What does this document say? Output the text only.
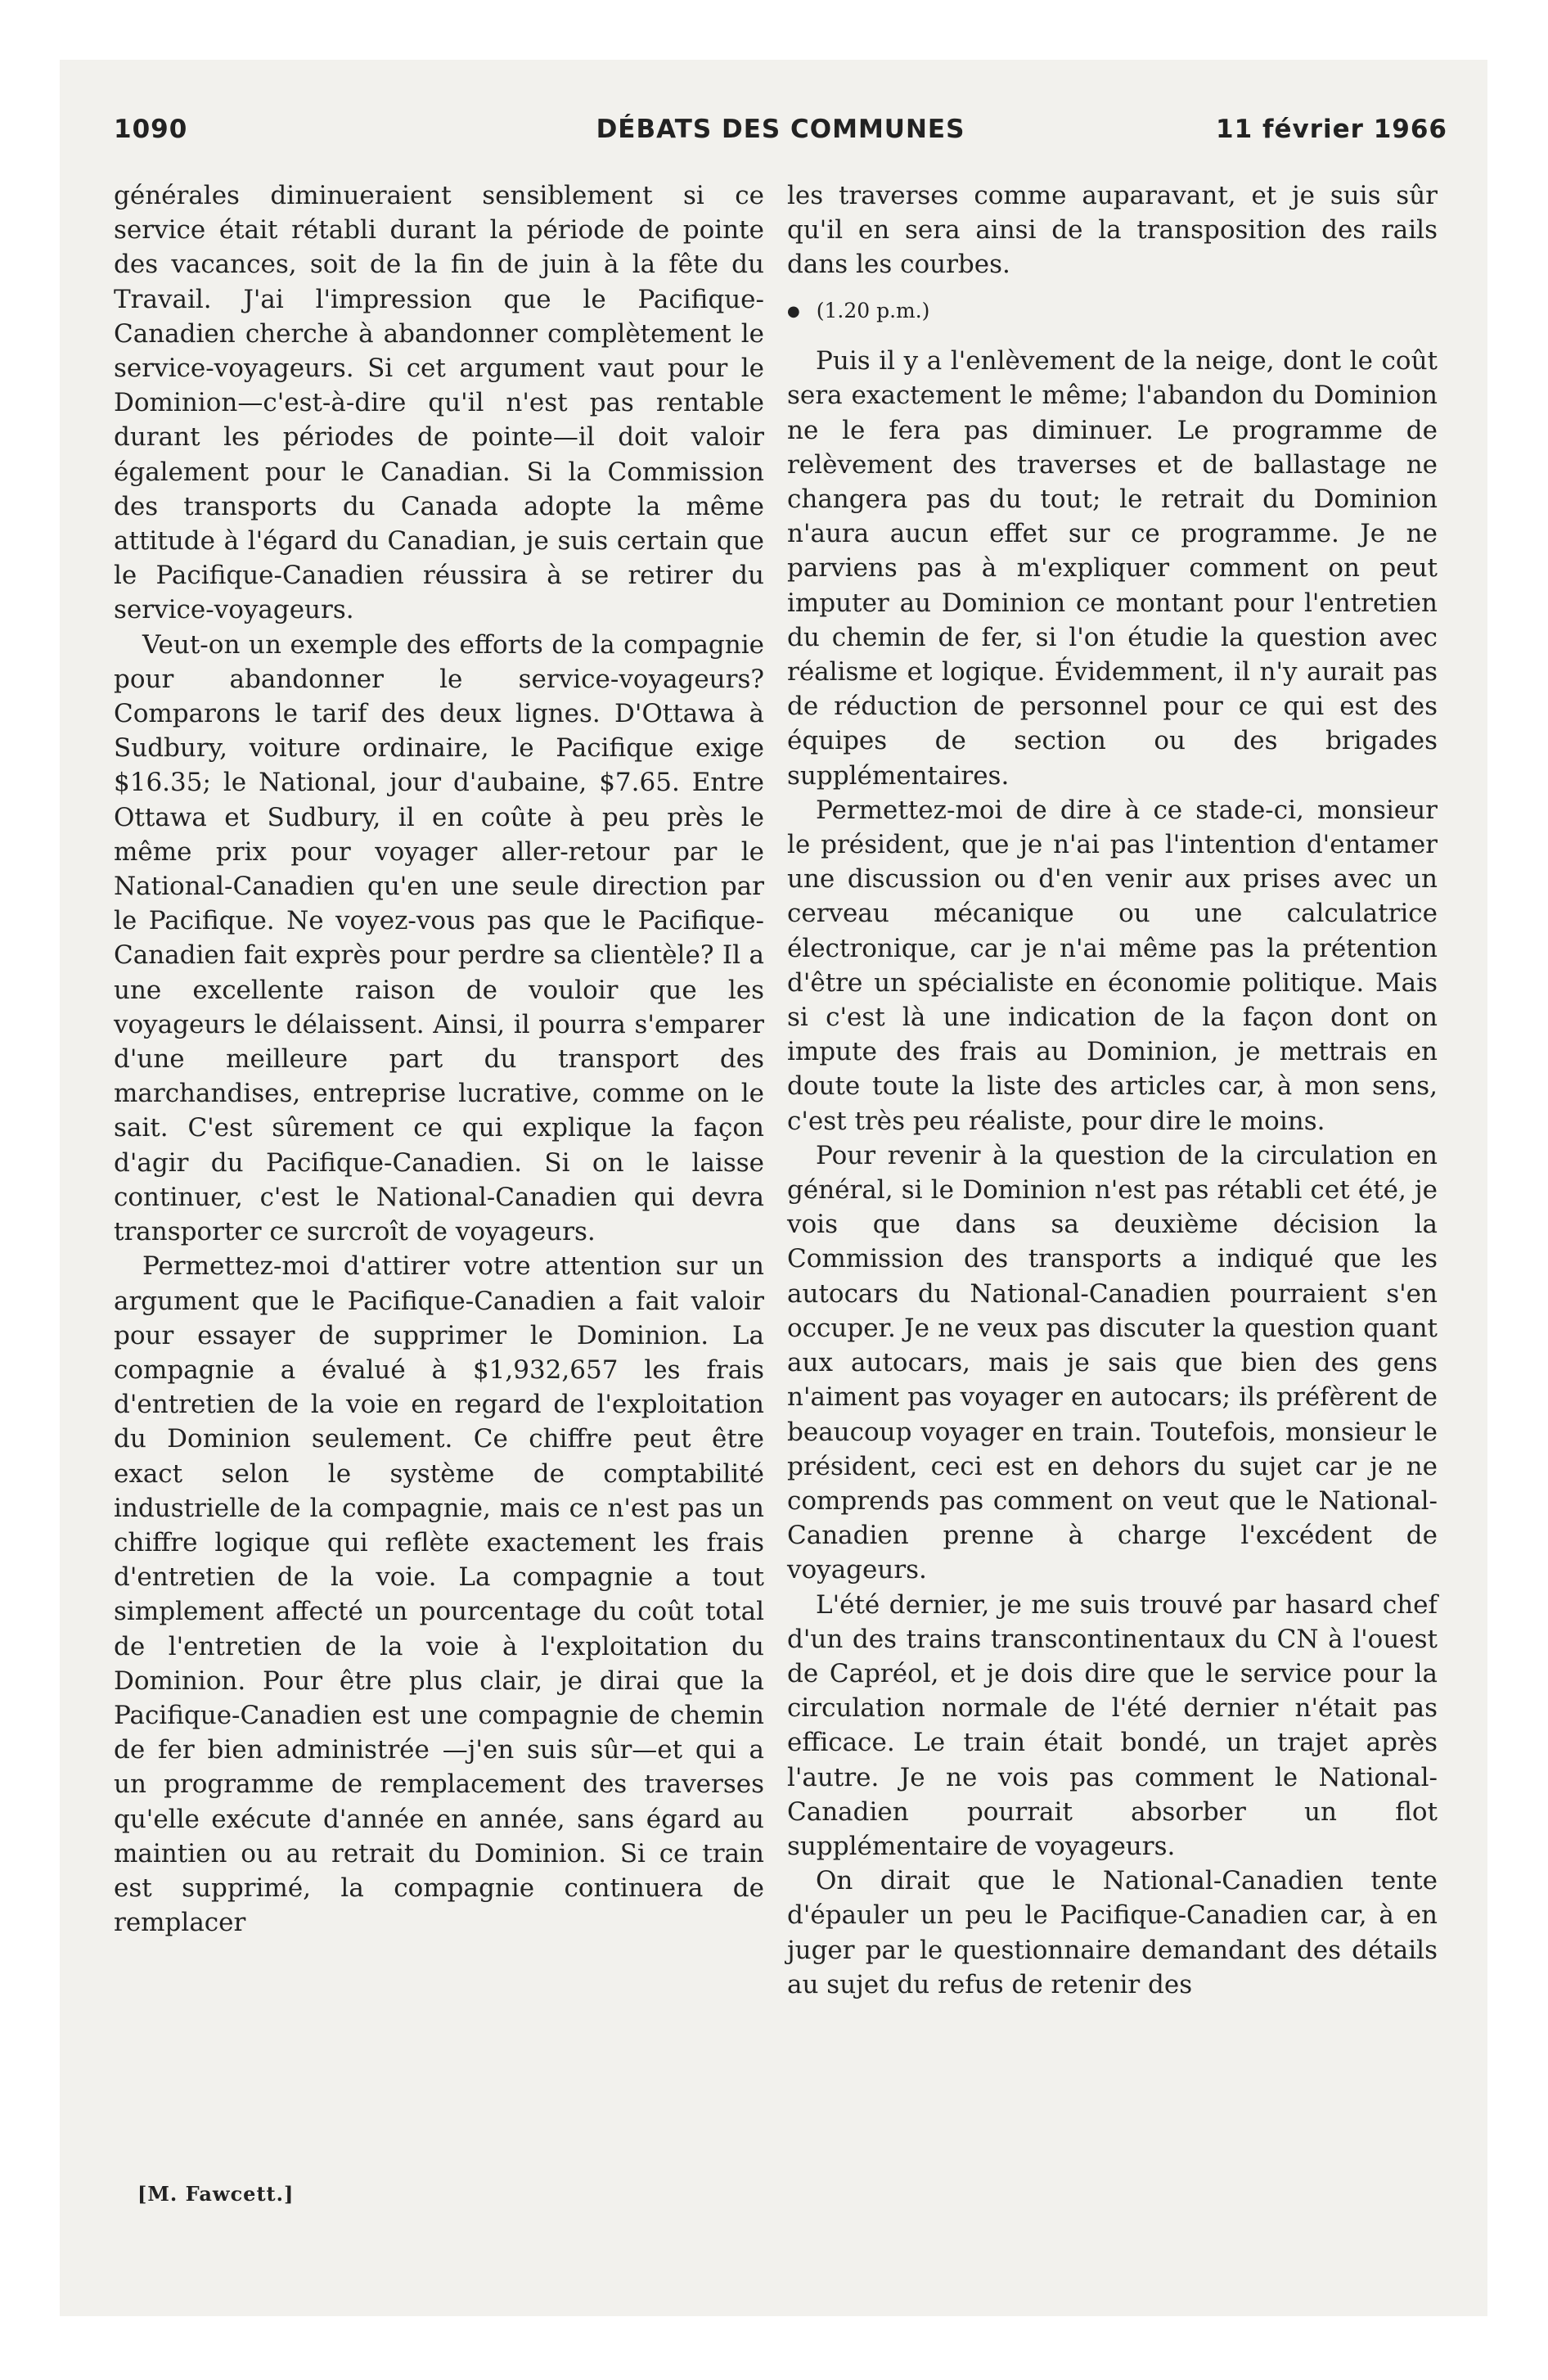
1090	DÉBATS DES COMMUNES	11 février 1966

générales diminueraient sensiblement si ce service était rétabli durant la période de pointe des vacances, soit de la fin de juin à la fête du Travail. J'ai l'impression que le Pacifique-Canadien cherche à abandonner complètement le service-voyageurs. Si cet argument vaut pour le Dominion—c'est-à-dire qu'il n'est pas rentable durant les périodes de pointe—il doit valoir également pour le Canadian. Si la Commission des transports du Canada adopte la même attitude à l'égard du Canadian, je suis certain que le Pacifique-Canadien réussira à se retirer du service-voyageurs.

Veut-on un exemple des efforts de la compagnie pour abandonner le service-voyageurs? Comparons le tarif des deux lignes. D'Ottawa à Sudbury, voiture ordinaire, le Pacifique exige $16.35; le National, jour d'aubaine, $7.65. Entre Ottawa et Sudbury, il en coûte à peu près le même prix pour voyager aller-retour par le National-Canadien qu'en une seule direction par le Pacifique. Ne voyez-vous pas que le Pacifique-Canadien fait exprès pour perdre sa clientèle? Il a une excellente raison de vouloir que les voyageurs le délaissent. Ainsi, il pourra s'emparer d'une meilleure part du transport des marchandises, entreprise lucrative, comme on le sait. C'est sûrement ce qui explique la façon d'agir du Pacifique-Canadien. Si on le laisse continuer, c'est le National-Canadien qui devra transporter ce surcroît de voyageurs.

Permettez-moi d'attirer votre attention sur un argument que le Pacifique-Canadien a fait valoir pour essayer de supprimer le Dominion. La compagnie a évalué à $1,932,657 les frais d'entretien de la voie en regard de l'exploitation du Dominion seulement. Ce chiffre peut être exact selon le système de comptabilité industrielle de la compagnie, mais ce n'est pas un chiffre logique qui reflète exactement les frais d'entretien de la voie. La compagnie a tout simplement affecté un pourcentage du coût total de l'entretien de la voie à l'exploitation du Dominion. Pour être plus clair, je dirai que la Pacifique-Canadien est une compagnie de chemin de fer bien administrée —j'en suis sûr—et qui a un programme de remplacement des traverses qu'elle exécute d'année en année, sans égard au maintien ou au retrait du Dominion. Si ce train est supprimé, la compagnie continuera de remplacer

[M. Fawcett.]

les traverses comme auparavant, et je suis sûr qu'il en sera ainsi de la transposition des rails dans les courbes.

● (1.20 p.m.)

Puis il y a l'enlèvement de la neige, dont le coût sera exactement le même; l'abandon du Dominion ne le fera pas diminuer. Le programme de relèvement des traverses et de ballastage ne changera pas du tout; le retrait du Dominion n'aura aucun effet sur ce programme. Je ne parviens pas à m'expliquer comment on peut imputer au Dominion ce montant pour l'entretien du chemin de fer, si l'on étudie la question avec réalisme et logique. Évidemment, il n'y aurait pas de réduction de personnel pour ce qui est des équipes de section ou des brigades supplémentaires.

Permettez-moi de dire à ce stade-ci, monsieur le président, que je n'ai pas l'intention d'entamer une discussion ou d'en venir aux prises avec un cerveau mécanique ou une calculatrice électronique, car je n'ai même pas la prétention d'être un spécialiste en économie politique. Mais si c'est là une indication de la façon dont on impute des frais au Dominion, je mettrais en doute toute la liste des articles car, à mon sens, c'est très peu réaliste, pour dire le moins.

Pour revenir à la question de la circulation en général, si le Dominion n'est pas rétabli cet été, je vois que dans sa deuxième décision la Commission des transports a indiqué que les autocars du National-Canadien pourraient s'en occuper. Je ne veux pas discuter la question quant aux autocars, mais je sais que bien des gens n'aiment pas voyager en autocars; ils préfèrent de beaucoup voyager en train. Toutefois, monsieur le président, ceci est en dehors du sujet car je ne comprends pas comment on veut que le National-Canadien prenne à charge l'excédent de voyageurs.

L'été dernier, je me suis trouvé par hasard chef d'un des trains transcontinentaux du CN à l'ouest de Capréol, et je dois dire que le service pour la circulation normale de l'été dernier n'était pas efficace. Le train était bondé, un trajet après l'autre. Je ne vois pas comment le National-Canadien pourrait absorber un flot supplémentaire de voyageurs.

On dirait que le National-Canadien tente d'épauler un peu le Pacifique-Canadien car, à en juger par le questionnaire demandant des détails au sujet du refus de retenir des
